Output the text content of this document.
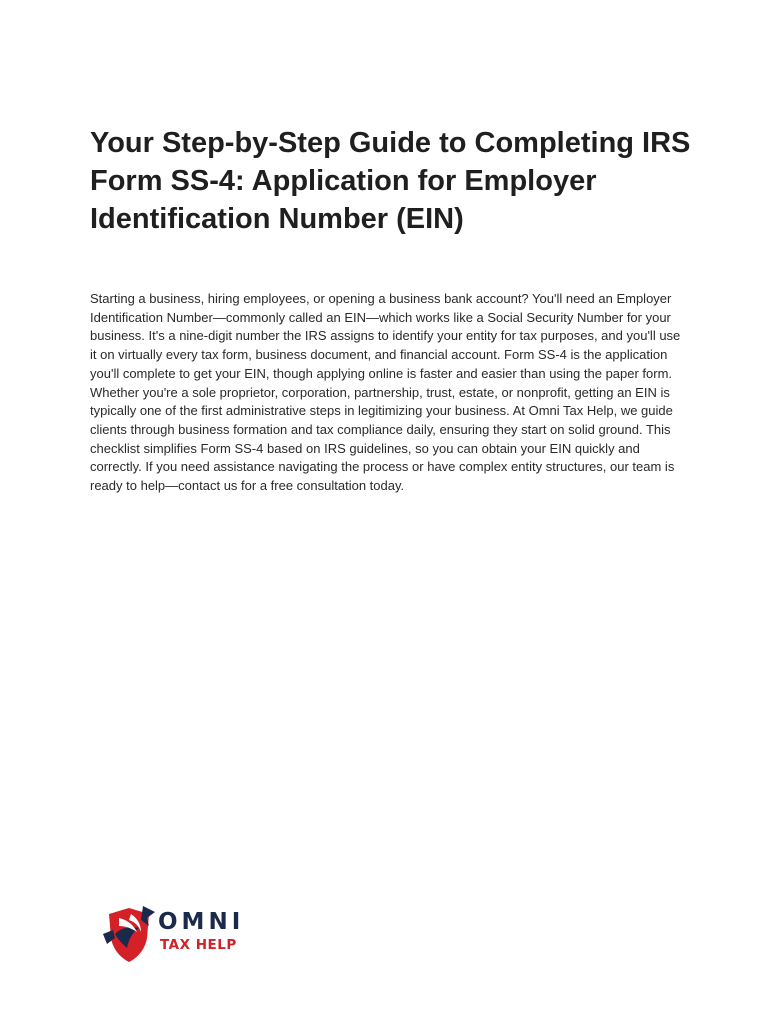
Your Step-by-Step Guide to Completing IRS Form SS-4: Application for Employer Identification Number (EIN)

Starting a business, hiring employees, or opening a business bank account? You'll need an Employer Identification Number—commonly called an EIN—which works like a Social Security Number for your business. It's a nine-digit number the IRS assigns to identify your entity for tax purposes, and you'll use it on virtually every tax form, business document, and financial account. Form SS-4 is the application you'll complete to get your EIN, though applying online is faster and easier than using the paper form. Whether you're a sole proprietor, corporation, partnership, trust, estate, or nonprofit, getting an EIN is typically one of the first administrative steps in legitimizing your business. At Omni Tax Help, we guide clients through business formation and tax compliance daily, ensuring they start on solid ground. This checklist simplifies Form SS-4 based on IRS guidelines, so you can obtain your EIN quickly and correctly. If you need assistance navigating the process or have complex entity structures, our team is ready to help—contact us for a free consultation today.

OMNI
TAX HELP
